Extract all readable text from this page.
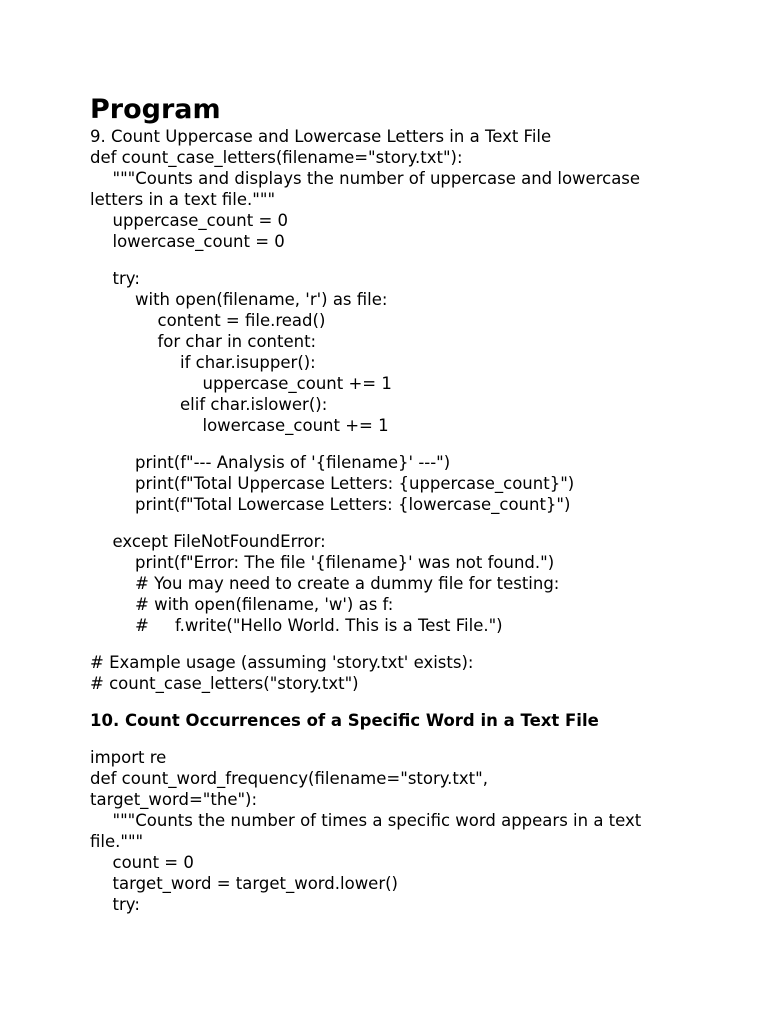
Program
9. Count Uppercase and Lowercase Letters in a Text File
def count_case_letters(filename="story.txt"):
"""Counts and displays the number of uppercase and lowercase
letters in a text file."""
uppercase_count = 0
lowercase_count = 0
try:
with open(filename, 'r') as file:
content = file.read()
for char in content:
if char.isupper():
uppercase_count += 1
elif char.islower():
lowercase_count += 1
print(f"--- Analysis of '{filename}' ---")
print(f"Total Uppercase Letters: {uppercase_count}")
print(f"Total Lowercase Letters: {lowercase_count}")
except FileNotFoundError:
print(f"Error: The file '{filename}' was not found.")
# You may need to create a dummy file for testing:
# with open(filename, 'w') as f:
#     f.write("Hello World. This is a Test File.")
# Example usage (assuming 'story.txt' exists):
# count_case_letters("story.txt")
10. Count Occurrences of a Specific Word in a Text File
import re
def count_word_frequency(filename="story.txt",
target_word="the"):
"""Counts the number of times a specific word appears in a text
file."""
count = 0
target_word = target_word.lower()
try:
